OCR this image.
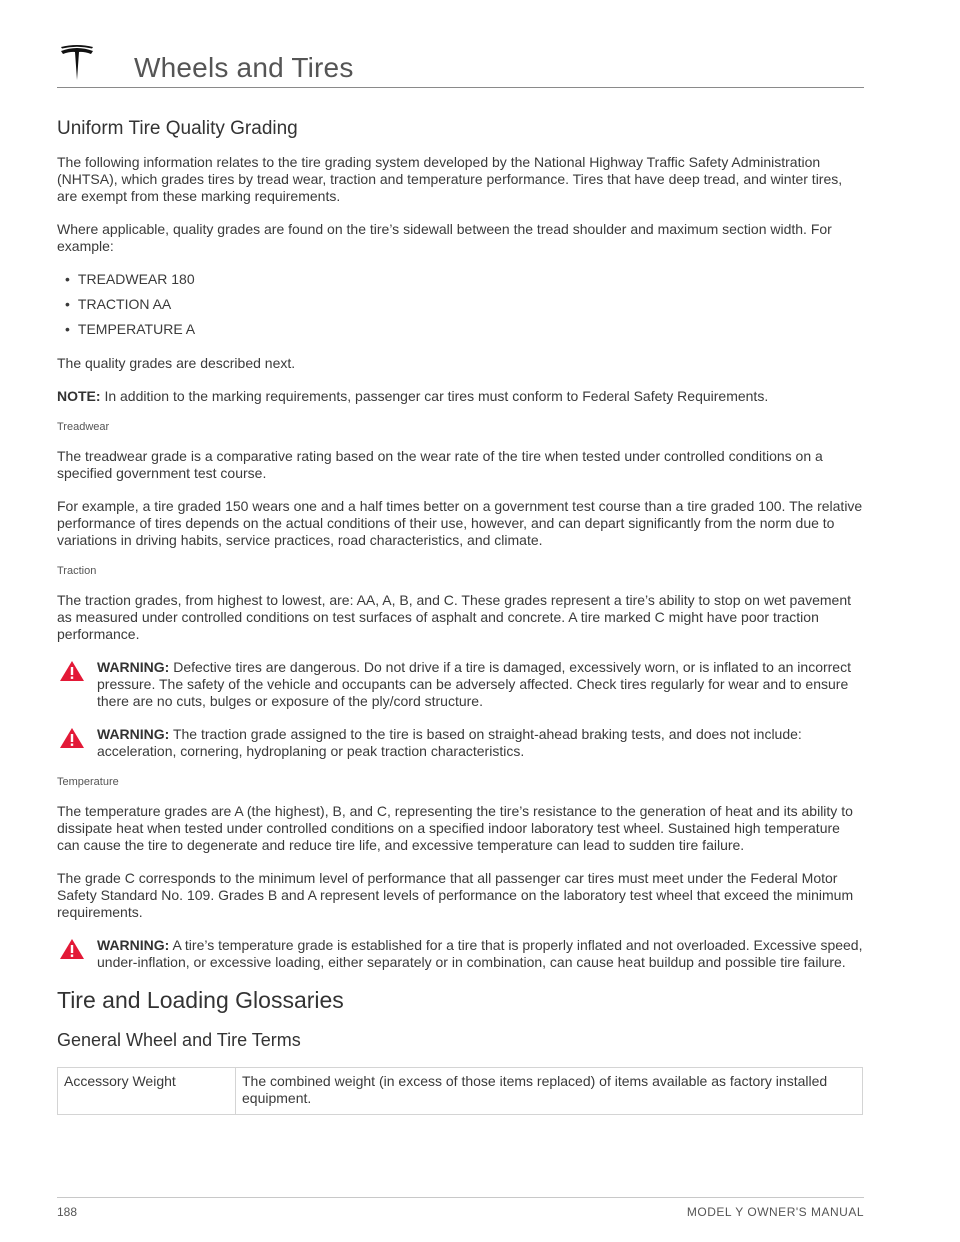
Wheels and Tires
Uniform Tire Quality Grading

The following information relates to the tire grading system developed by the National Highway Traffic Safety Administration (NHTSA), which grades tires by tread wear, traction and temperature performance. Tires that have deep tread, and winter tires, are exempt from these marking requirements.

Where applicable, quality grades are found on the tire’s sidewall between the tread shoulder and maximum section width. For example:

• TREADWEAR 180
• TRACTION AA
• TEMPERATURE A

The quality grades are described next.

NOTE: In addition to the marking requirements, passenger car tires must conform to Federal Safety Requirements.

Treadwear

The treadwear grade is a comparative rating based on the wear rate of the tire when tested under controlled conditions on a specified government test course.

For example, a tire graded 150 wears one and a half times better on a government test course than a tire graded 100. The relative performance of tires depends on the actual conditions of their use, however, and can depart significantly from the norm due to variations in driving habits, service practices, road characteristics, and climate.

Traction

The traction grades, from highest to lowest, are: AA, A, B, and C. These grades represent a tire’s ability to stop on wet pavement as measured under controlled conditions on test surfaces of asphalt and concrete. A tire marked C might have poor traction performance.

WARNING: Defective tires are dangerous. Do not drive if a tire is damaged, excessively worn, or is inflated to an incorrect pressure. The safety of the vehicle and occupants can be adversely affected. Check tires regularly for wear and to ensure there are no cuts, bulges or exposure of the ply/cord structure.
WARNING: The traction grade assigned to the tire is based on straight-ahead braking tests, and does not include: acceleration, cornering, hydroplaning or peak traction characteristics.
Temperature

The temperature grades are A (the highest), B, and C, representing the tire’s resistance to the generation of heat and its ability to dissipate heat when tested under controlled conditions on a specified indoor laboratory test wheel. Sustained high temperature can cause the tire to degenerate and reduce tire life, and excessive temperature can lead to sudden tire failure.

The grade C corresponds to the minimum level of performance that all passenger car tires must meet under the Federal Motor Safety Standard No. 109. Grades B and A represent levels of performance on the laboratory test wheel that exceed the minimum requirements.

WARNING: A tire’s temperature grade is established for a tire that is properly inflated and not overloaded. Excessive speed, under-inflation, or excessive loading, either separately or in combination, can cause heat buildup and possible tire failure.
Tire and Loading Glossaries
General Wheel and Tire Terms
Accessory Weight	The combined weight (in excess of those items replaced) of items available as factory installed equipment.
188	MODEL Y OWNER'S MANUAL
